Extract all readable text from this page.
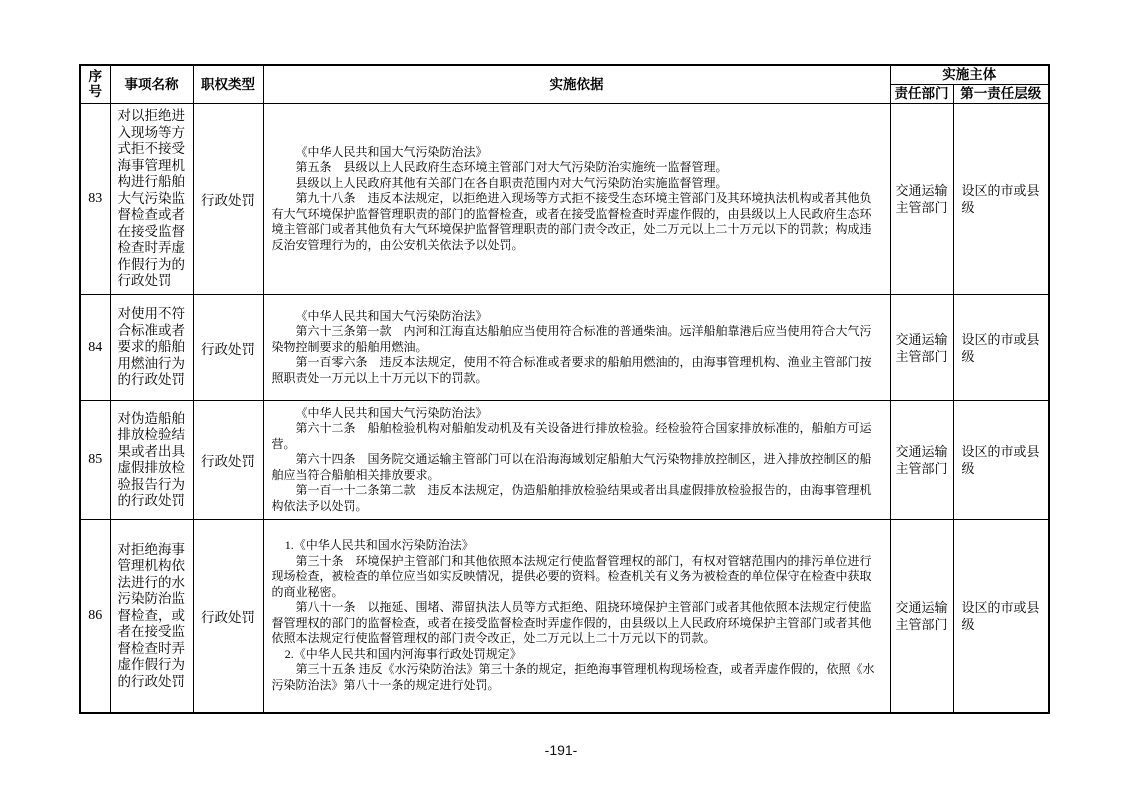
序号	事项名称	职权类型	实施依据	实施主体	
				责任部门	第一责任层级
83	对以拒绝进入现场等方式拒不接受海事管理机构进行船舶大气污染监督检查或者在接受监督检查时弄虚作假行为的行政处罚	行政处罚	《中华人民共和国大气污染防治法》

第五条　县级以上人民政府生态环境主管部门对大气污染防治实施统一监督管理。

县级以上人民政府其他有关部门在各自职责范围内对大气污染防治实施监督管理。

第九十八条　违反本法规定，以拒绝进入现场等方式拒不接受生态环境主管部门及其环境执法机构或者其他负有大气环境保护监督管理职责的部门的监督检查，或者在接受监督检查时弄虚作假的，由县级以上人民政府生态环境主管部门或者其他负有大气环境保护监督管理职责的部门责令改正，处二万元以上二十万元以下的罚款；构成违反治安管理行为的，由公安机关依法予以处罚。	交通运输主管部门	设区的市或县级
84	对使用不符合标准或者要求的船舶用燃油行为的行政处罚	行政处罚	《中华人民共和国大气污染防治法》

第六十三条第一款　内河和江海直达船舶应当使用符合标准的普通柴油。远洋船舶靠港后应当使用符合大气污染物控制要求的船舶用燃油。

第一百零六条　违反本法规定，使用不符合标准或者要求的船舶用燃油的，由海事管理机构、渔业主管部门按照职责处一万元以上十万元以下的罚款。	交通运输主管部门	设区的市或县级
85	对伪造船舶排放检验结果或者出具虚假排放检验报告行为的行政处罚	行政处罚	《中华人民共和国大气污染防治法》

第六十二条　船舶检验机构对船舶发动机及有关设备进行排放检验。经检验符合国家排放标准的，船舶方可运营。

第六十四条　国务院交通运输主管部门可以在沿海海域划定船舶大气污染物排放控制区，进入排放控制区的船舶应当符合船舶相关排放要求。

第一百一十二条第二款　违反本法规定，伪造船舶排放检验结果或者出具虚假排放检验报告的，由海事管理机构依法予以处罚。	交通运输主管部门	设区的市或县级
86	对拒绝海事管理机构依法进行的水污染防治监督检查，或者在接受监督检查时弄虚作假行为的行政处罚	行政处罚	1.《中华人民共和国水污染防治法》

第三十条　环境保护主管部门和其他依照本法规定行使监督管理权的部门，有权对管辖范围内的排污单位进行现场检查，被检查的单位应当如实反映情况，提供必要的资料。检查机关有义务为被检查的单位保守在检查中获取的商业秘密。

第八十一条　以拖延、围堵、滞留执法人员等方式拒绝、阻挠环境保护主管部门或者其他依照本法规定行使监督管理权的部门的监督检查，或者在接受监督检查时弄虚作假的，由县级以上人民政府环境保护主管部门或者其他依照本法规定行使监督管理权的部门责令改正，处二万元以上二十万元以下的罚款。

2.《中华人民共和国内河海事行政处罚规定》

第三十五条 违反《水污染防治法》第三十条的规定，拒绝海事管理机构现场检查，或者弄虚作假的，依照《水污染防治法》第八十一条的规定进行处罚。	交通运输主管部门	设区的市或县级
-191-
